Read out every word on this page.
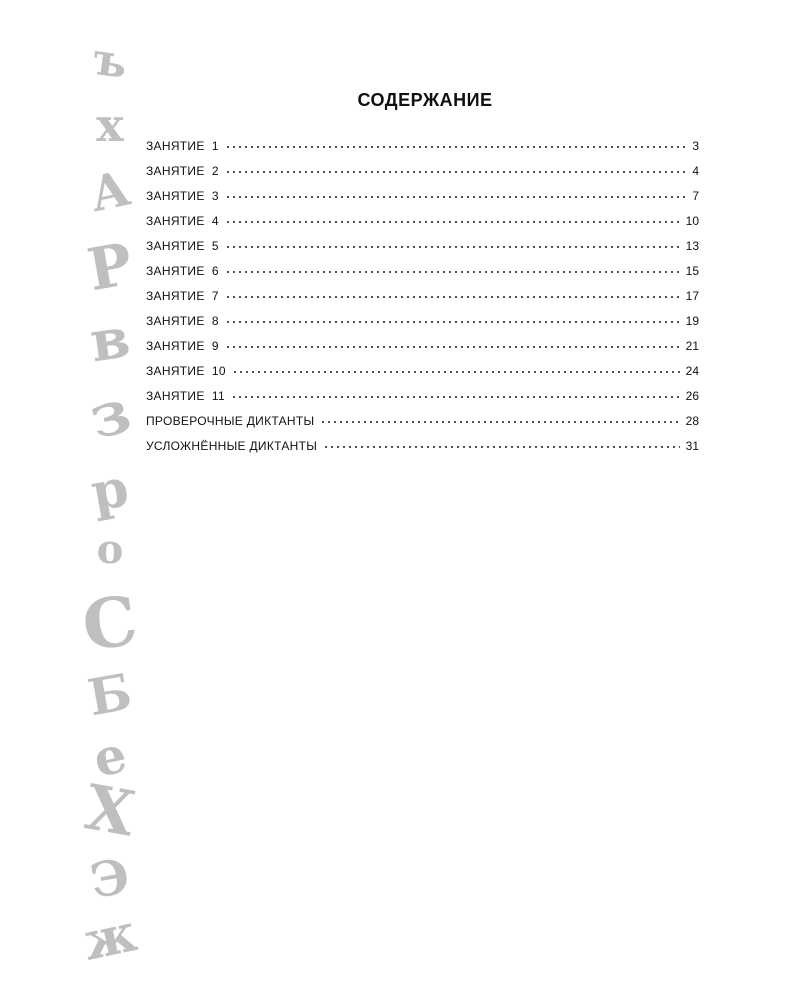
ъ
х
А
Р
в
з
р
о
С
Б
е
Х
Э
ж
СОДЕРЖАНИЕ
ЗАНЯТИЕ  1	3
ЗАНЯТИЕ  2	4
ЗАНЯТИЕ  3	7
ЗАНЯТИЕ  4	10
ЗАНЯТИЕ  5	13
ЗАНЯТИЕ  6	15
ЗАНЯТИЕ  7	17
ЗАНЯТИЕ  8	19
ЗАНЯТИЕ  9	21
ЗАНЯТИЕ  10	24
ЗАНЯТИЕ  11	26
ПРОВЕРОЧНЫЕ ДИКТАНТЫ	28
УСЛОЖНЁННЫЕ ДИКТАНТЫ	31
